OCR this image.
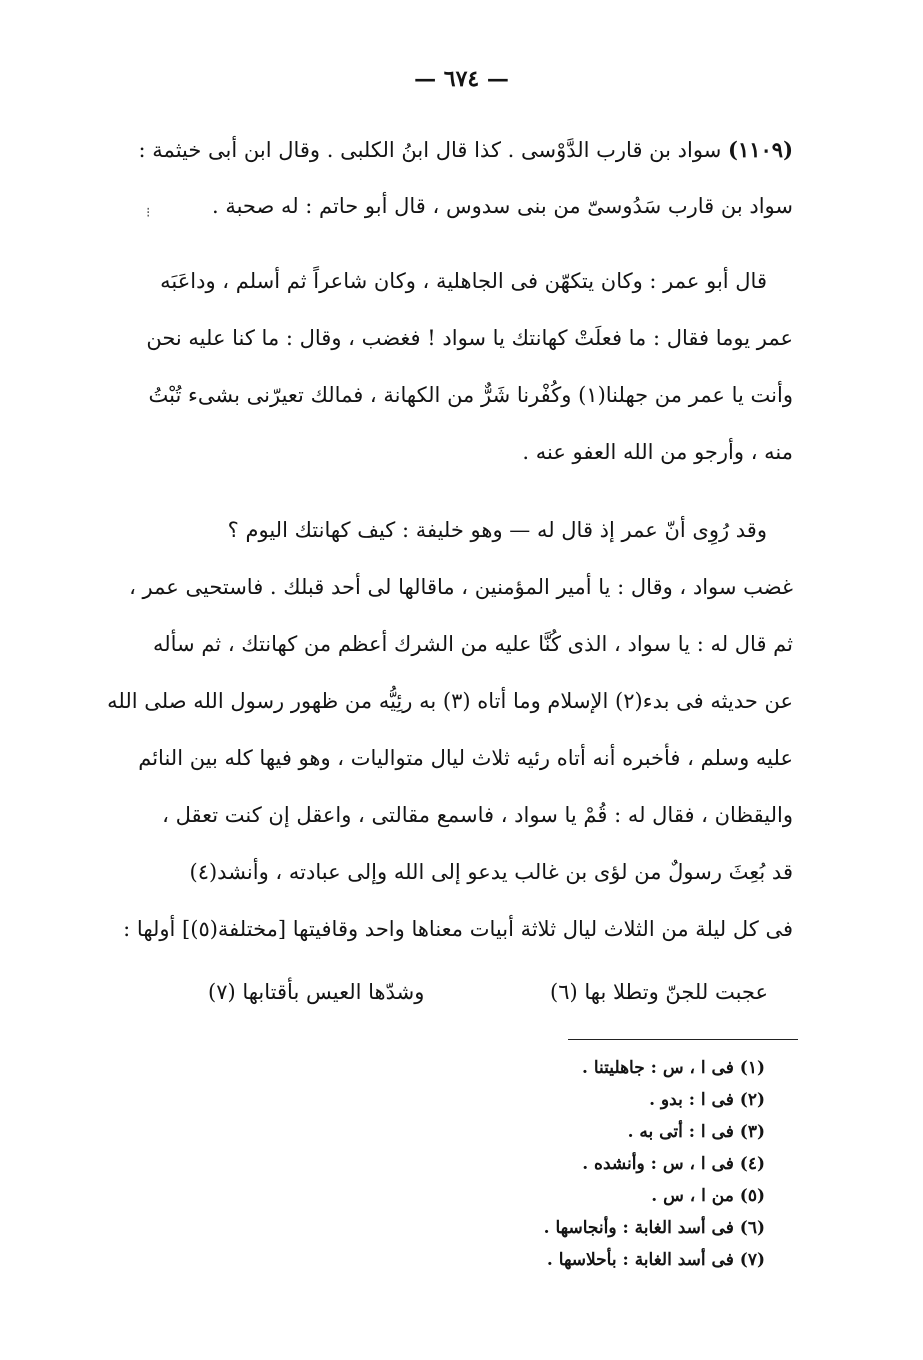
— ٦٧٤ —
⁝
(١١٠٩) سواد بن قارب الدَّوْسى . كذا قال ابنُ الكلبى . وقال ابن أبى خيثمة :
سواد بن قارب سَدُوسىّ من بنى سدوس ، قال أبو حاتم : له صحبة .
قال أبو عمر : وكان يتكهّن فى الجاهلية ، وكان شاعراً ثم أسلم ، وداعَبَه
عمر يوما فقال : ما فعلَتْ كهانتك يا سواد ! فغضب ، وقال : ما كنا عليه نحن
وأنت يا عمر من جهلنا(١) وكُفْرنا شَرٌّ من الكهانة ، فمالك تعيرّنى بشىء تُبْتُ
منه ، وأرجو من الله العفو عنه .
وقد رُوِى أنّ عمر إذ قال له — وهو خليفة : كيف كهانتك اليوم ؟
غضب سواد ، وقال : يا أمير المؤمنين ، ماقالها لى أحد قبلك . فاستحيى عمر ،
ثم قال له : يا سواد ، الذى كُنَّا عليه من الشرك أعظم من كهانتك ، ثم سأله
عن حديثه فى بدء(٢) الإسلام وما أتاه (٣) به رئِيُّه من ظهور رسول الله صلى الله
عليه وسلم ، فأخبره أنه أتاه رئيه ثلاث ليال متواليات ، وهو فيها كله بين النائم
واليقظان ، فقال له : قُمْ يا سواد ، فاسمع مقالتى ، واعقل إن كنت تعقل ،
قد بُعِثَ رسولٌ من لؤى بن غالب يدعو إلى الله وإلى عبادته ، وأنشد(٤)
فى كل ليلة من الثلاث ليال ثلاثة أبيات معناها واحد وقافيتها [مختلفة(٥)] أولها :
عجبت للجنّ وتطلا بها (٦)
وشدّها العيس بأقتابها (٧)
(١) فى ا ، س : جاهليتنا .
(٢) فى ا : بدو .
(٣) فى ا : أتى به .
(٤) فى ا ، س : وأنشده .
(٥) من ا ، س .
(٦) فى أسد الغابة : وأنجاسها .
(٧) فى أسد الغابة : بأحلاسها .
